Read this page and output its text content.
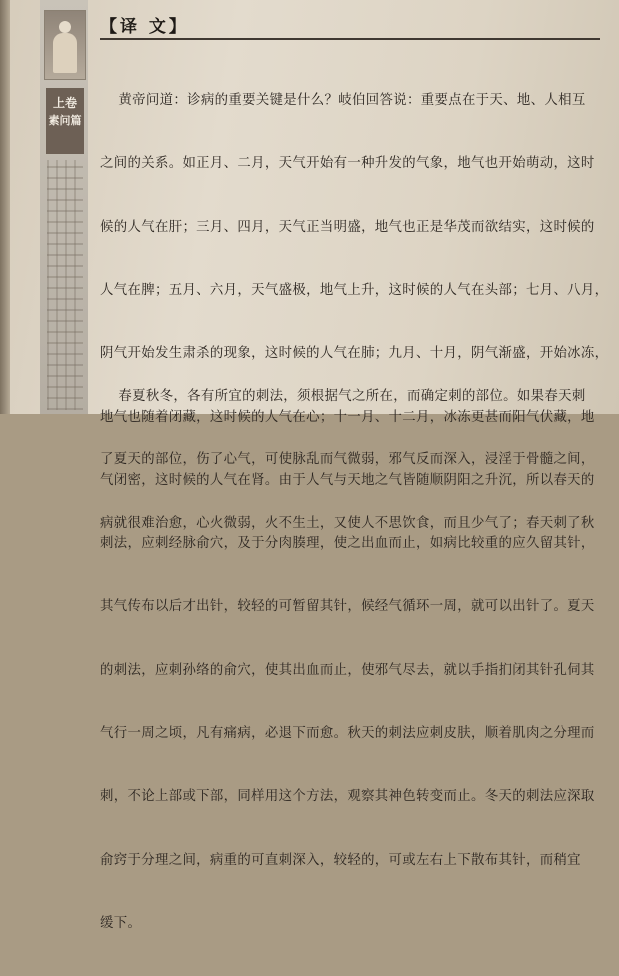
上卷
素问篇
【译 文】

黄帝问道：诊病的重要关键是什么？岐伯回答说：重要点在于天、地、人相互

之间的关系。如正月、二月，天气开始有一种升发的气象，地气也开始萌动，这时

候的人气在肝；三月、四月，天气正当明盛，地气也正是华茂而欲结实，这时候的

人气在脾；五月、六月，天气盛极，地气上升，这时候的人气在头部；七月、八月，

阴气开始发生肃杀的现象，这时候的人气在肺；九月、十月，阴气渐盛，开始冰冻，

地气也随着闭藏，这时候的人气在心；十一月、十二月，冰冻更甚而阳气伏藏，地

气闭密，这时候的人气在肾。由于人气与天地之气皆随顺阴阳之升沉，所以春天的

刺法，应刺经脉俞穴，及于分肉腠理，使之出血而止，如病比较重的应久留其针，

其气传布以后才出针，较轻的可暂留其针，候经气循环一周，就可以出针了。夏天

的刺法，应刺孙络的俞穴，使其出血而止，使邪气尽去，就以手指扪闭其针孔伺其

气行一周之顷，凡有痛病，必退下而愈。秋天的刺法应刺皮肤，顺着肌肉之分理而

刺，不论上部或下部，同样用这个方法，观察其神色转变而止。冬天的刺法应深取

俞窍于分理之间，病重的可直刺深入，较轻的，可或左右上下散布其针，而稍宜

缓下。

春夏秋冬，各有所宜的刺法，须根据气之所在，而确定刺的部位。如果春天刺

了夏天的部位，伤了心气，可使脉乱而气微弱，邪气反而深入，浸淫于骨髓之间，

病就很难治愈，心火微弱，火不生土，又使人不思饮食，而且少气了；春天刺了秋
